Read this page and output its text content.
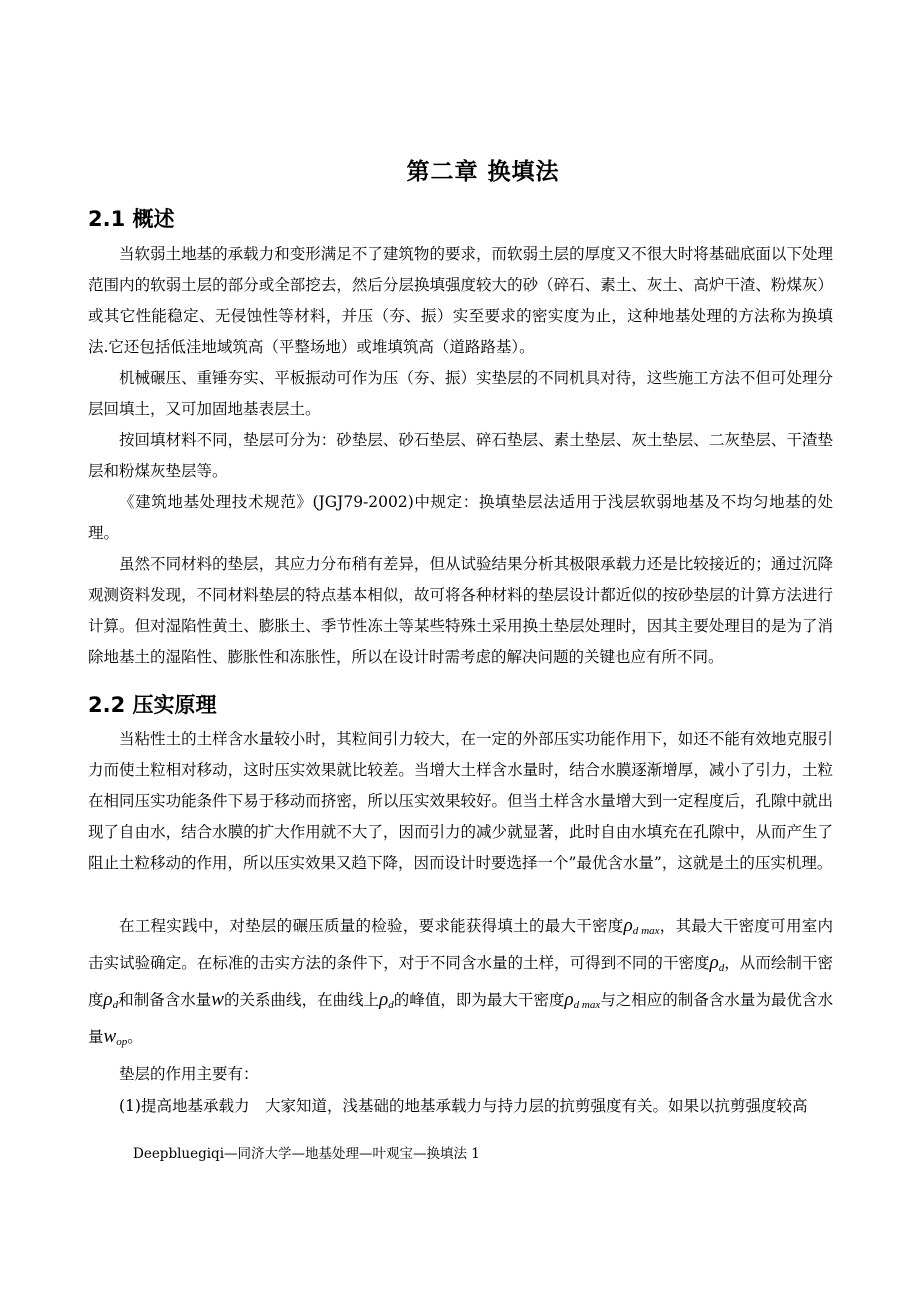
第二章 换填法
2.1 概述

当软弱土地基的承载力和变形满足不了建筑物的要求，而软弱土层的厚度又不很大时将基础底面以下处理范围内的软弱土层的部分或全部挖去，然后分层换填强度较大的砂（碎石、素土、灰土、高炉干渣、粉煤灰）或其它性能稳定、无侵蚀性等材料，并压（夯、振）实至要求的密实度为止，这种地基处理的方法称为换填法.它还包括低洼地域筑高（平整场地）或堆填筑高（道路路基）。

机械碾压、重锤夯实、平板振动可作为压（夯、振）实垫层的不同机具对待，这些施工方法不但可处理分层回填土，又可加固地基表层土。

按回填材料不同，垫层可分为：砂垫层、砂石垫层、碎石垫层、素土垫层、灰土垫层、二灰垫层、干渣垫层和粉煤灰垫层等。

《建筑地基处理技术规范》(JGJ79-2002)中规定：换填垫层法适用于浅层软弱地基及不均匀地基的处理。

虽然不同材料的垫层，其应力分布稍有差异，但从试验结果分析其极限承载力还是比较接近的；通过沉降观测资料发现，不同材料垫层的特点基本相似，故可将各种材料的垫层设计都近似的按砂垫层的计算方法进行计算。但对湿陷性黄土、膨胀土、季节性冻土等某些特殊土采用换土垫层处理时，因其主要处理目的是为了消除地基土的湿陷性、膨胀性和冻胀性，所以在设计时需考虑的解决问题的关键也应有所不同。

2.2 压实原理

当粘性土的土样含水量较小时，其粒间引力较大，在一定的外部压实功能作用下，如还不能有效地克服引力而使土粒相对移动，这时压实效果就比较差。当增大土样含水量时，结合水膜逐渐增厚，减小了引力，土粒在相同压实功能条件下易于移动而挤密，所以压实效果较好。但当土样含水量增大到一定程度后，孔隙中就出现了自由水，结合水膜的扩大作用就不大了，因而引力的减少就显著，此时自由水填充在孔隙中，从而产生了阻止土粒移动的作用，所以压实效果又趋下降，因而设计时要选择一个”最优含水量”，这就是土的压实机理。

在工程实践中，对垫层的碾压质量的检验，要求能获得填土的最大干密度$\rho_{d max}$，其最大干密度可用室内击实试验确定。在标准的击实方法的条件下，对于不同含水量的土样，可得到不同的干密度$\rho_d$，从而绘制干密度$\rho_d$和制备含水量w的关系曲线，在曲线上$\rho_d$的峰值，即为最大干密度$\rho_{d max}$与之相应的制备含水量为最优含水量$w_{op}$。

垫层的作用主要有：

(1)提高地基承载力　大家知道，浅基础的地基承载力与持力层的抗剪强度有关。如果以抗剪强度较高

Deepbluegiqi—同济大学—地基处理—叶观宝—换填法 1
